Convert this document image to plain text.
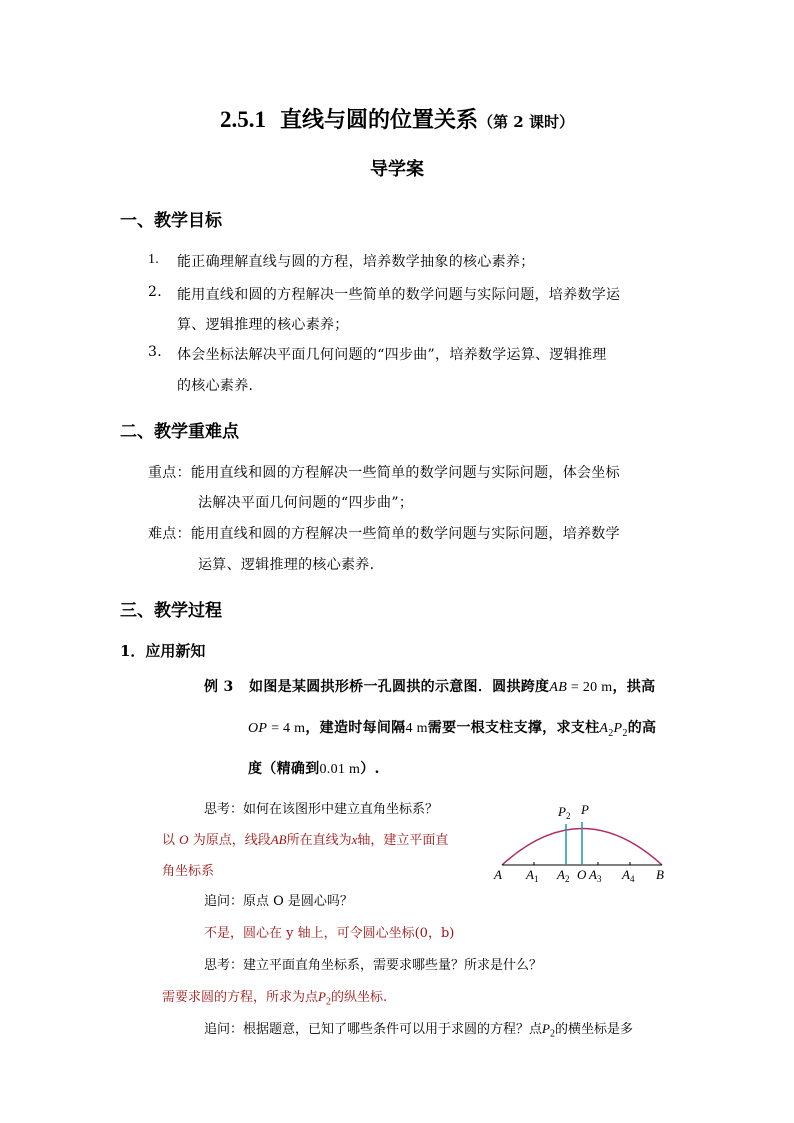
2.5.1 直线与圆的位置关系（第 2 课时）
导学案
一、教学目标
1. 能正确理解直线与圆的方程，培养数学抽象的核心素养；
2. 能用直线和圆的方程解决一些简单的数学问题与实际问题，培养数学运
算、逻辑推理的核心素养；
3. 体会坐标法解决平面几何问题的“四步曲”，培养数学运算、逻辑推理
的核心素养.
二、教学重难点
重点：能用直线和圆的方程解决一些简单的数学问题与实际问题，体会坐标
法解决平面几何问题的“四步曲”；
难点：能用直线和圆的方程解决一些简单的数学问题与实际问题，培养数学
运算、逻辑推理的核心素养.
三、教学过程
1．应用新知
例 3 如图是某圆拱形桥一孔圆拱的示意图．圆拱跨度AB = 20 m，拱高
OP = 4 m，建造时每间隔4 m需要一根支柱支撑，求支柱$A_2P_2$的高
度（精确到0.01 m）.
思考：如何在该图形中建立直角坐标系？
以 O 为原点，线段AB所在直线为x轴，建立平面直
角坐标系
追问：原点 O 是圆心吗？
不是，圆心在 y 轴上，可令圆心坐标(0，b)
思考：建立平面直角坐标系，需要求哪些量？所求是什么？
需要求圆的方程，所求为点$P_2$的纵坐标.
追问：根据题意，已知了哪些条件可以用于求圆的方程？点$P_2$的横坐标是多
A $A_1$ $A_2$ O $A_3$ $A_4$ B
$P_2$ P
